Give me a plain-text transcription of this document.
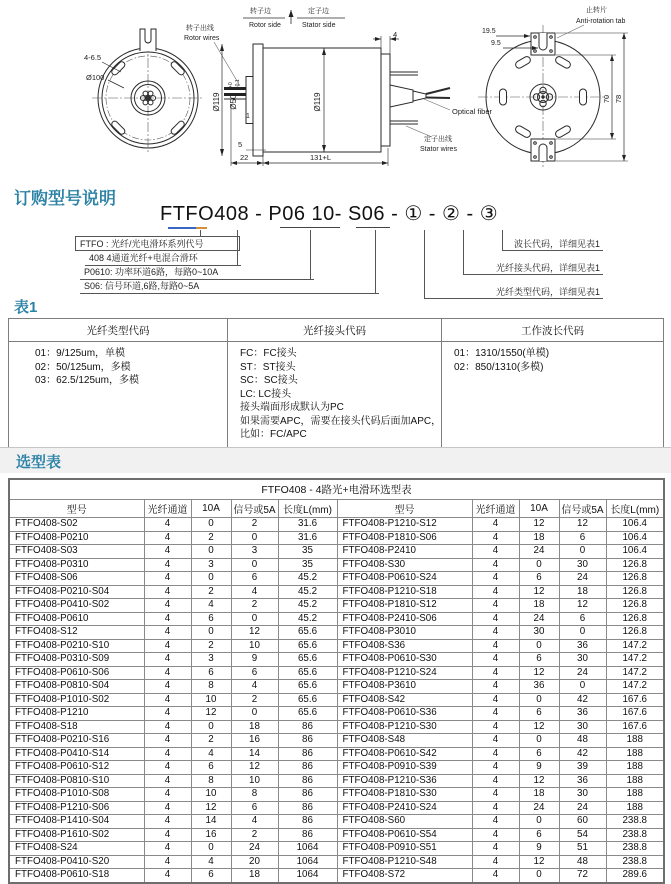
4-6.5
Ø100
转子边
Rotor side
定子边
Stator side
转子出线
Rotor wires
Ø119 Ø50
+0 -0.1
Ø119
1
5
22	131+L
4
Optical fiber
定子出线
Stator wires
19.5
9.5
70 78
止转片
Anti-rotation tab
订购型号说明
FTFO408 - P06 10- S06 - ① - ② - ③
FTFO : 光纤/光电滑环系列代号
408 4通道光纤+电混合滑环
P0610: 功率环道6路，每路0~10A
S06: 信号环道,6路,每路0~5A
波长代码，详细见表1
光纤接头代码，详细见表1
光纤类型代码，详细见表1
表1
光纤类型代码	光纤接头代码	工作波长代码

01：9/125um，单模
02：50/125um，多模
03：62.5/125um，多模

FC：FC接头
ST：ST接头
SC：SC接头
LC: LC接头
接头端面形成默认为PC
如果需要APC，需要在接头代码后面加APC，
比如：FC/APC

01：1310/1550(单模)
02：850/1310(多模)
选型表
FTFO408 - 4路光+电滑环选型表									
型号	光纤通道	10A	信号或5A	长度L(mm)	型号	光纤通道	10A	信号或5A	长度L(mm)
FTFO408-S02	4	0	2	31.6	FTFO408-P1210-S12	4	12	12	106.4
FTFO408-P0210	4	2	0	31.6	FTFO408-P1810-S06	4	18	6	106.4
FTFO408-S03	4	0	3	35	FTFO408-P2410	4	24	0	106.4
FTFO408-P0310	4	3	0	35	FTFO408-S30	4	0	30	126.8
FTFO408-S06	4	0	6	45.2	FTFO408-P0610-S24	4	6	24	126.8
FTFO408-P0210-S04	4	2	4	45.2	FTFO408-P1210-S18	4	12	18	126.8
FTFO408-P0410-S02	4	4	2	45.2	FTFO408-P1810-S12	4	18	12	126.8
FTFO408-P0610	4	6	0	45.2	FTFO408-P2410-S06	4	24	6	126.8
FTFO408-S12	4	0	12	65.6	FTFO408-P3010	4	30	0	126.8
FTFO408-P0210-S10	4	2	10	65.6	FTFO408-S36	4	0	36	147.2
FTFO408-P0310-S09	4	3	9	65.6	FTFO408-P0610-S30	4	6	30	147.2
FTFO408-P0610-S06	4	6	6	65.6	FTFO408-P1210-S24	4	12	24	147.2
FTFO408-P0810-S04	4	8	4	65.6	FTFO408-P3610	4	36	0	147.2
FTFO408-P1010-S02	4	10	2	65.6	FTFO408-S42	4	0	42	167.6
FTFO408-P1210	4	12	0	65.6	FTFO408-P0610-S36	4	6	36	167.6
FTFO408-S18	4	0	18	86	FTFO408-P1210-S30	4	12	30	167.6
FTFO408-P0210-S16	4	2	16	86	FTFO408-S48	4	0	48	188
FTFO408-P0410-S14	4	4	14	86	FTFO408-P0610-S42	4	6	42	188
FTFO408-P0610-S12	4	6	12	86	FTFO408-P0910-S39	4	9	39	188
FTFO408-P0810-S10	4	8	10	86	FTFO408-P1210-S36	4	12	36	188
FTFO408-P1010-S08	4	10	8	86	FTFO408-P1810-S30	4	18	30	188
FTFO408-P1210-S06	4	12	6	86	FTFO408-P2410-S24	4	24	24	188
FTFO408-P1410-S04	4	14	4	86	FTFO408-S60	4	0	60	238.8
FTFO408-P1610-S02	4	16	2	86	FTFO408-P0610-S54	4	6	54	238.8
FTFO408-S24	4	0	24	1064	FTFO408-P0910-S51	4	9	51	238.8
FTFO408-P0410-S20	4	4	20	1064	FTFO408-P1210-S48	4	12	48	238.8
FTFO408-P0610-S18	4	6	18	1064	FTFO408-S72	4	0	72	289.6
